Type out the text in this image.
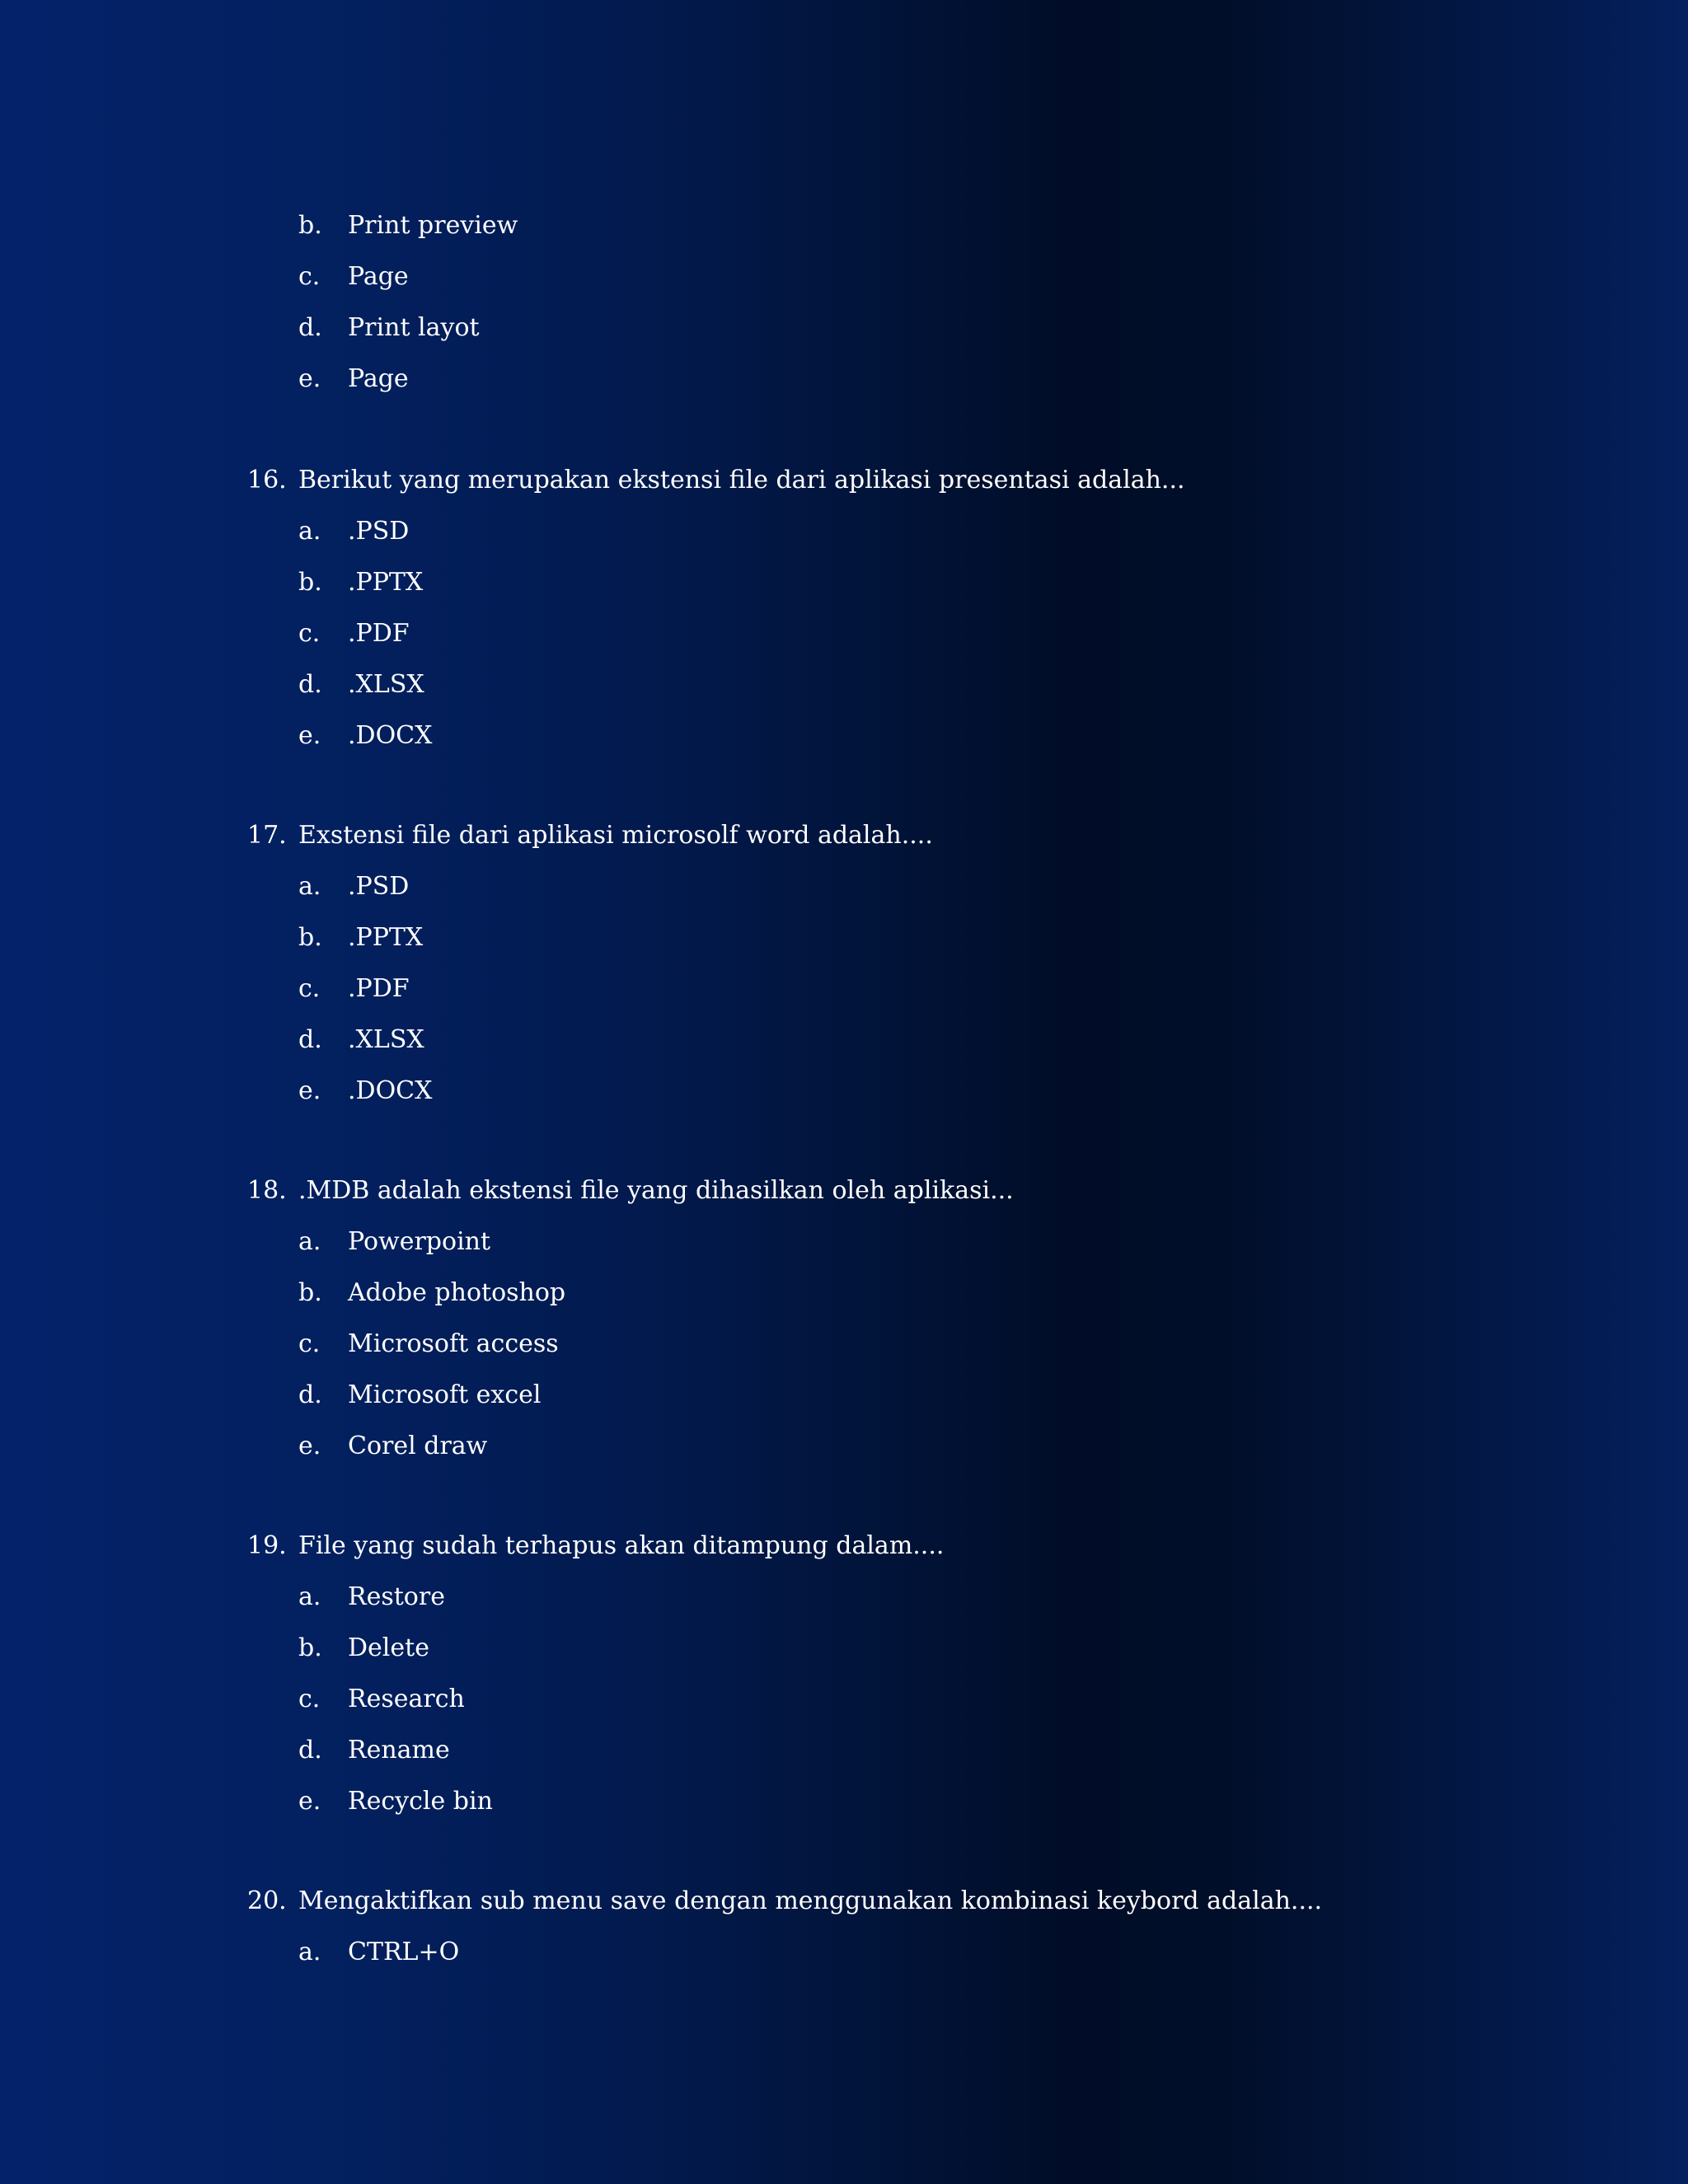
b.	Print preview
c.	Page
d.	Print layot
e.	Page
16. Berikut yang merupakan ekstensi file dari aplikasi presentasi adalah...
a.	.PSD
b.	.PPTX
c.	.PDF
d.	.XLSX
e.	.DOCX
17. Exstensi file dari aplikasi microsolf word adalah....
a.	.PSD
b.	.PPTX
c.	.PDF
d.	.XLSX
e.	.DOCX
18. .MDB adalah ekstensi file yang dihasilkan oleh aplikasi...
a.	Powerpoint
b.	Adobe photoshop
c.	Microsoft access
d.	Microsoft excel
e.	Corel draw
19. File yang sudah terhapus akan ditampung dalam....
a.	Restore
b.	Delete
c.	Research
d.	Rename
e.	Recycle bin
20. Mengaktifkan sub menu save dengan menggunakan kombinasi keybord adalah....
a.	CTRL+O
